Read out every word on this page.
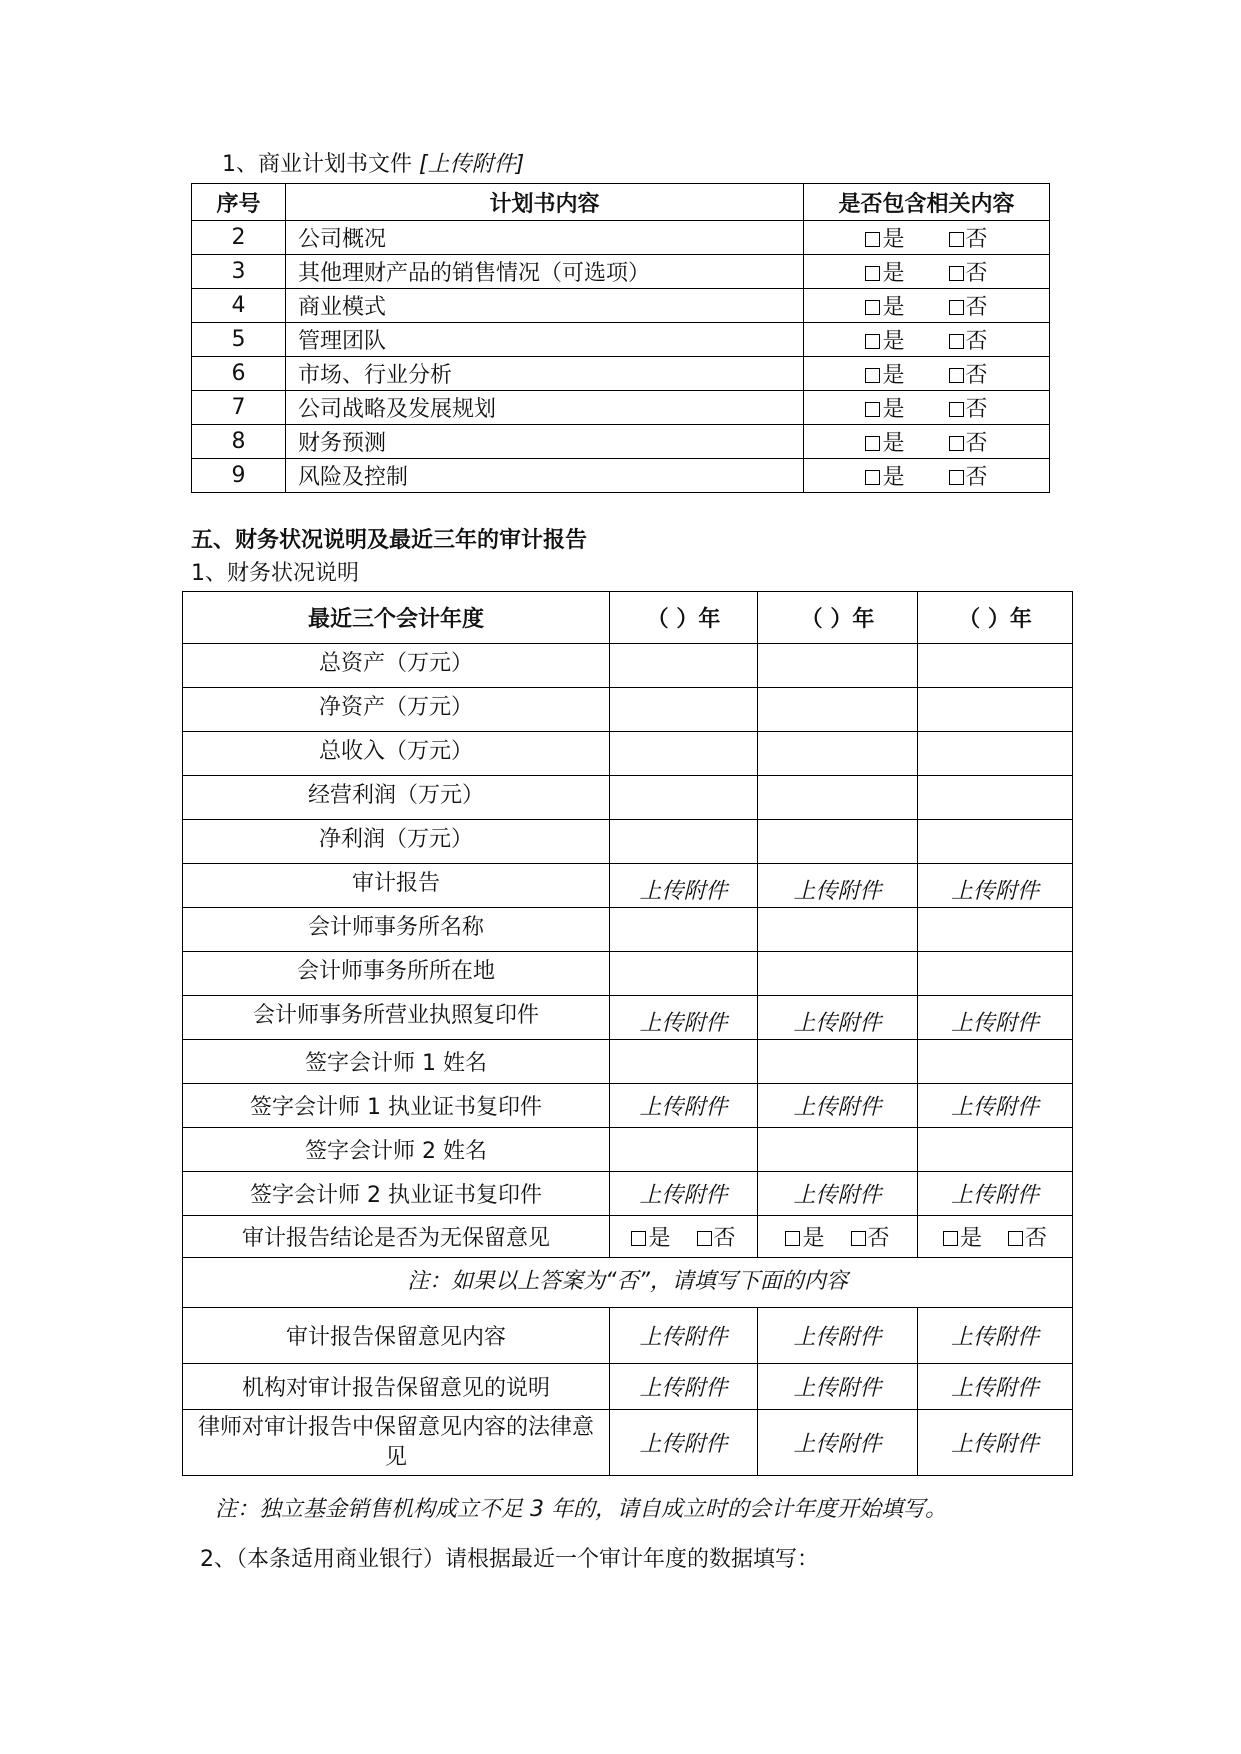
1、商业计划书文件 [上传附件]
序号	计划书内容	是否包含相关内容
2	公司概况	是 否
3	其他理财产品的销售情况（可选项）	是 否
4	商业模式	是 否
5	管理团队	是 否
6	市场、行业分析	是 否
7	公司战略及发展规划	是 否
8	财务预测	是 否
9	风险及控制	是 否
五、财务状况说明及最近三年的审计报告
1、财务状况说明
最近三个会计年度	（ ）年	（ ）年	（ ）年
总资产（万元）			
净资产（万元）			
总收入（万元）			
经营利润（万元）			
净利润（万元）			
审计报告	上传附件	上传附件	上传附件
会计师事务所名称			
会计师事务所所在地			
会计师事务所营业执照复印件	上传附件	上传附件	上传附件
签字会计师 1 姓名			
签字会计师 1 执业证书复印件	上传附件	上传附件	上传附件
签字会计师 2 姓名			
签字会计师 2 执业证书复印件	上传附件	上传附件	上传附件
审计报告结论是否为无保留意见	是 否	是 否	是 否
注：如果以上答案为“否”，请填写下面的内容			
审计报告保留意见内容	上传附件	上传附件	上传附件
机构对审计报告保留意见的说明	上传附件	上传附件	上传附件
律师对审计报告中保留意见内容的法律意见	上传附件	上传附件	上传附件
注：独立基金销售机构成立不足 3 年的，请自成立时的会计年度开始填写。
2、（本条适用商业银行）请根据最近一个审计年度的数据填写：
